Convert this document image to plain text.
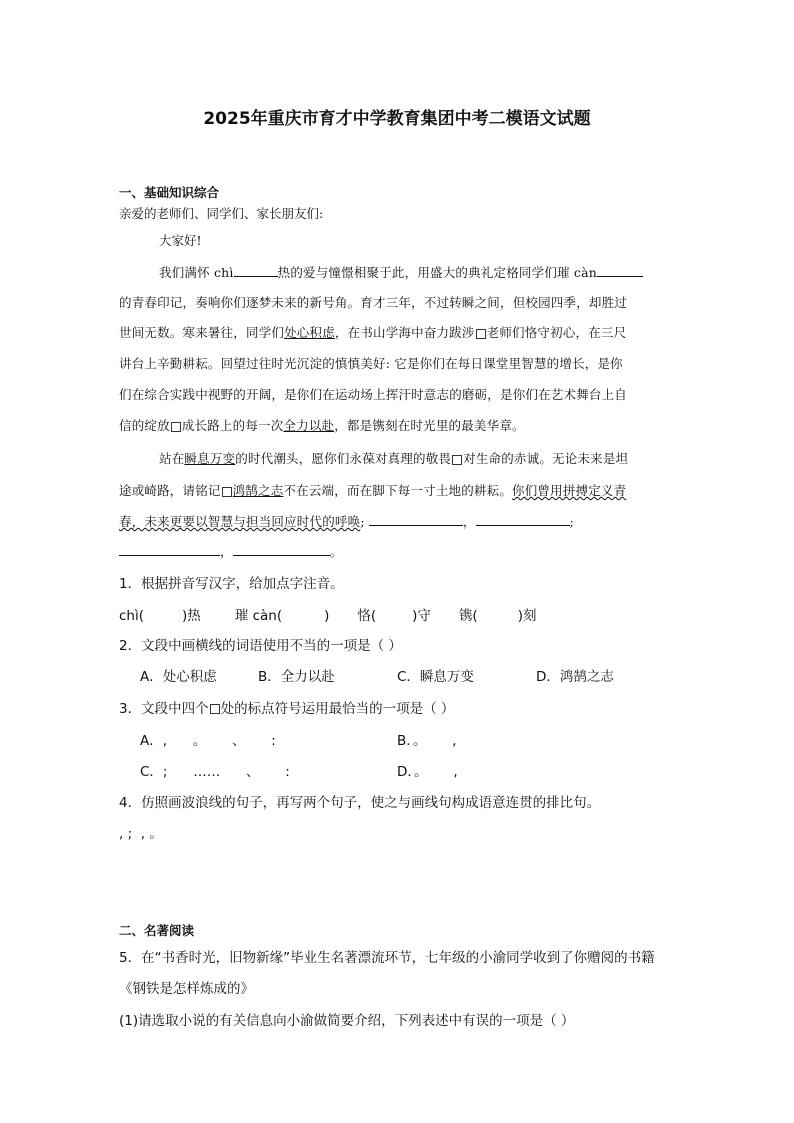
2025年重庆市育才中学教育集团中考二模语文试题
一、基础知识综合
亲爱的老师们、同学们、家长朋友们:
大家好!
我们满怀 chì	热的爱与憧憬相聚于此，用盛大的典礼定格同学们璀 càn
的青春印记，奏响你们逐梦未来的新号角。育才三年，不过转瞬之间，但校园四季，却胜过
世间无数。寒来暑往，同学们处心积虑，在书山学海中奋力跋涉 老师们恪守初心，在三尺
讲台上辛勤耕耘。回望过往时光沉淀的慎慎美好: 它是你们在每日课堂里智慧的增长，是你
们在综合实践中视野的开阔，是你们在运动场上挥汗时意志的磨砺，是你们在艺术舞台上自
信的绽放 成长路上的每一次全力以赴，都是镌刻在时光里的最美华章。
站在瞬息万变的时代潮头，愿你们永葆对真理的敬畏 对生命的赤诚。无论未来是坦
途或崎路，请铭记 鸿鹄之志不在云端，而在脚下每一寸土地的耕耘。你们曾用拼搏定义青
春，未来更要以智慧与担当回应时代的呼唤;	，	;
，	。
1．根据拼音写汉字，给加点字注音。
chì(	)热	璀 càn(	) 恪(	)守 镌(	)刻
2．文段中画横线的词语使用不当的一项是（ ）
A．处心积虑	B．全力以赴	C．瞬息万变	D．鸿鹄之志
3．文段中四个 处的标点符号运用最恰当的一项是（ ）
A．,      。      、      :	B．。      ,
C．;      ……      、      :	D．。      ,
4．仿照画波浪线的句子，再写两个句子，使之与画线句构成语意连贯的排比句。
, ;  , 。
二、名著阅读
5．在“书香时光，旧物新缘”毕业生名著漂流环节，七年级的小渝同学收到了你赠阅的书籍
《钢铁是怎样炼成的》
(1)请选取小说的有关信息向小渝做简要介绍，下列表述中有误的一项是（ ）
